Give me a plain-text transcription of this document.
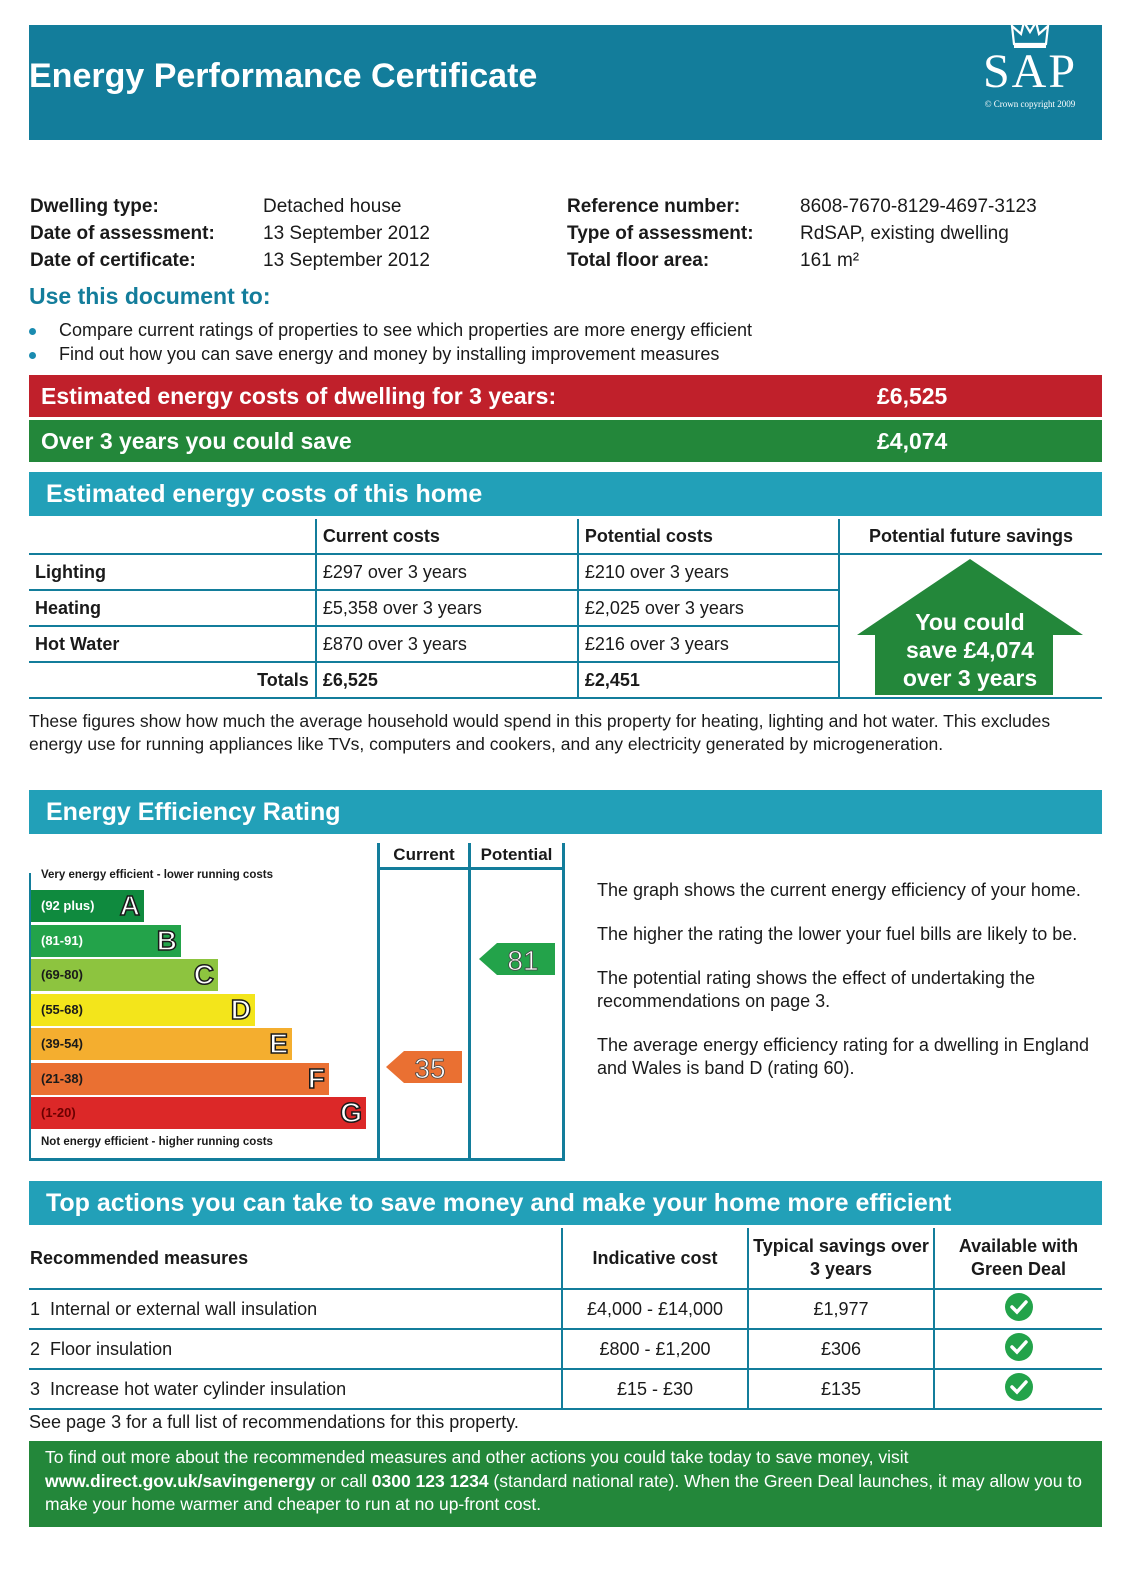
Energy Performance Certificate	SAP
© Crown copyright 2009
Dwelling type:	Detached house
Date of assessment:	13 September 2012
Date of certificate:	13 September 2012
Reference number:	8608-7670-8129-4697-3123
Type of assessment: RdSAP, existing dwelling
Total floor area:	161 m²
Use this document to:
Compare current ratings of properties to see which properties are more energy efficient
Find out how you can save energy and money by installing improvement measures
Estimated energy costs of dwelling for 3 years:	£6,525
Over 3 years you could save	£4,074
Estimated energy costs of this home
	Current costs	Potential costs	Potential future savings
Lighting	£297 over 3 years	£210 over 3 years	You could
save £4,074
over 3 years

Heating	£5,358 over 3 years	£2,025 over 3 years	
Hot Water	£870 over 3 years	£216 over 3 years	
Totals	£6,525	£2,451	
These figures show how much the average household would spend in this property for heating, lighting and hot water. This excludes energy use for running appliances like TVs, computers and cookers, and any electricity generated by microgeneration.
Energy Efficiency Rating
Current	Potential
Very energy efficient - lower running costs
(92 plus) A
(81-91)	B
(69-80)	C
(55-68)	D
(39-54)	E
(21-38)	F
(1-20)	G
Not energy efficient - higher running costs
35
81

The graph shows the current energy efficiency of your home.

The higher the rating the lower your fuel bills are likely to be.

The potential rating shows the effect of undertaking the recommendations on page 3.

The average energy efficiency rating for a dwelling in England and Wales is band D (rating 60).

Top actions you can take to save money and make your home more efficient
Recommended measures	Indicative cost	Typical savings over 3 years	Available with Green Deal
1 Internal or external wall insulation	£4,000 - £14,000	£1,977	
2 Floor insulation	£800 - £1,200	£306	
3 Increase hot water cylinder insulation	£15 - £30	£135	
See page 3 for a full list of recommendations for this property.
To find out more about the recommended measures and other actions you could take today to save money, visit www.direct.gov.uk/savingenergy or call 0300 123 1234 (standard national rate). When the Green Deal launches, it may allow you to make your home warmer and cheaper to run at no up-front cost.
